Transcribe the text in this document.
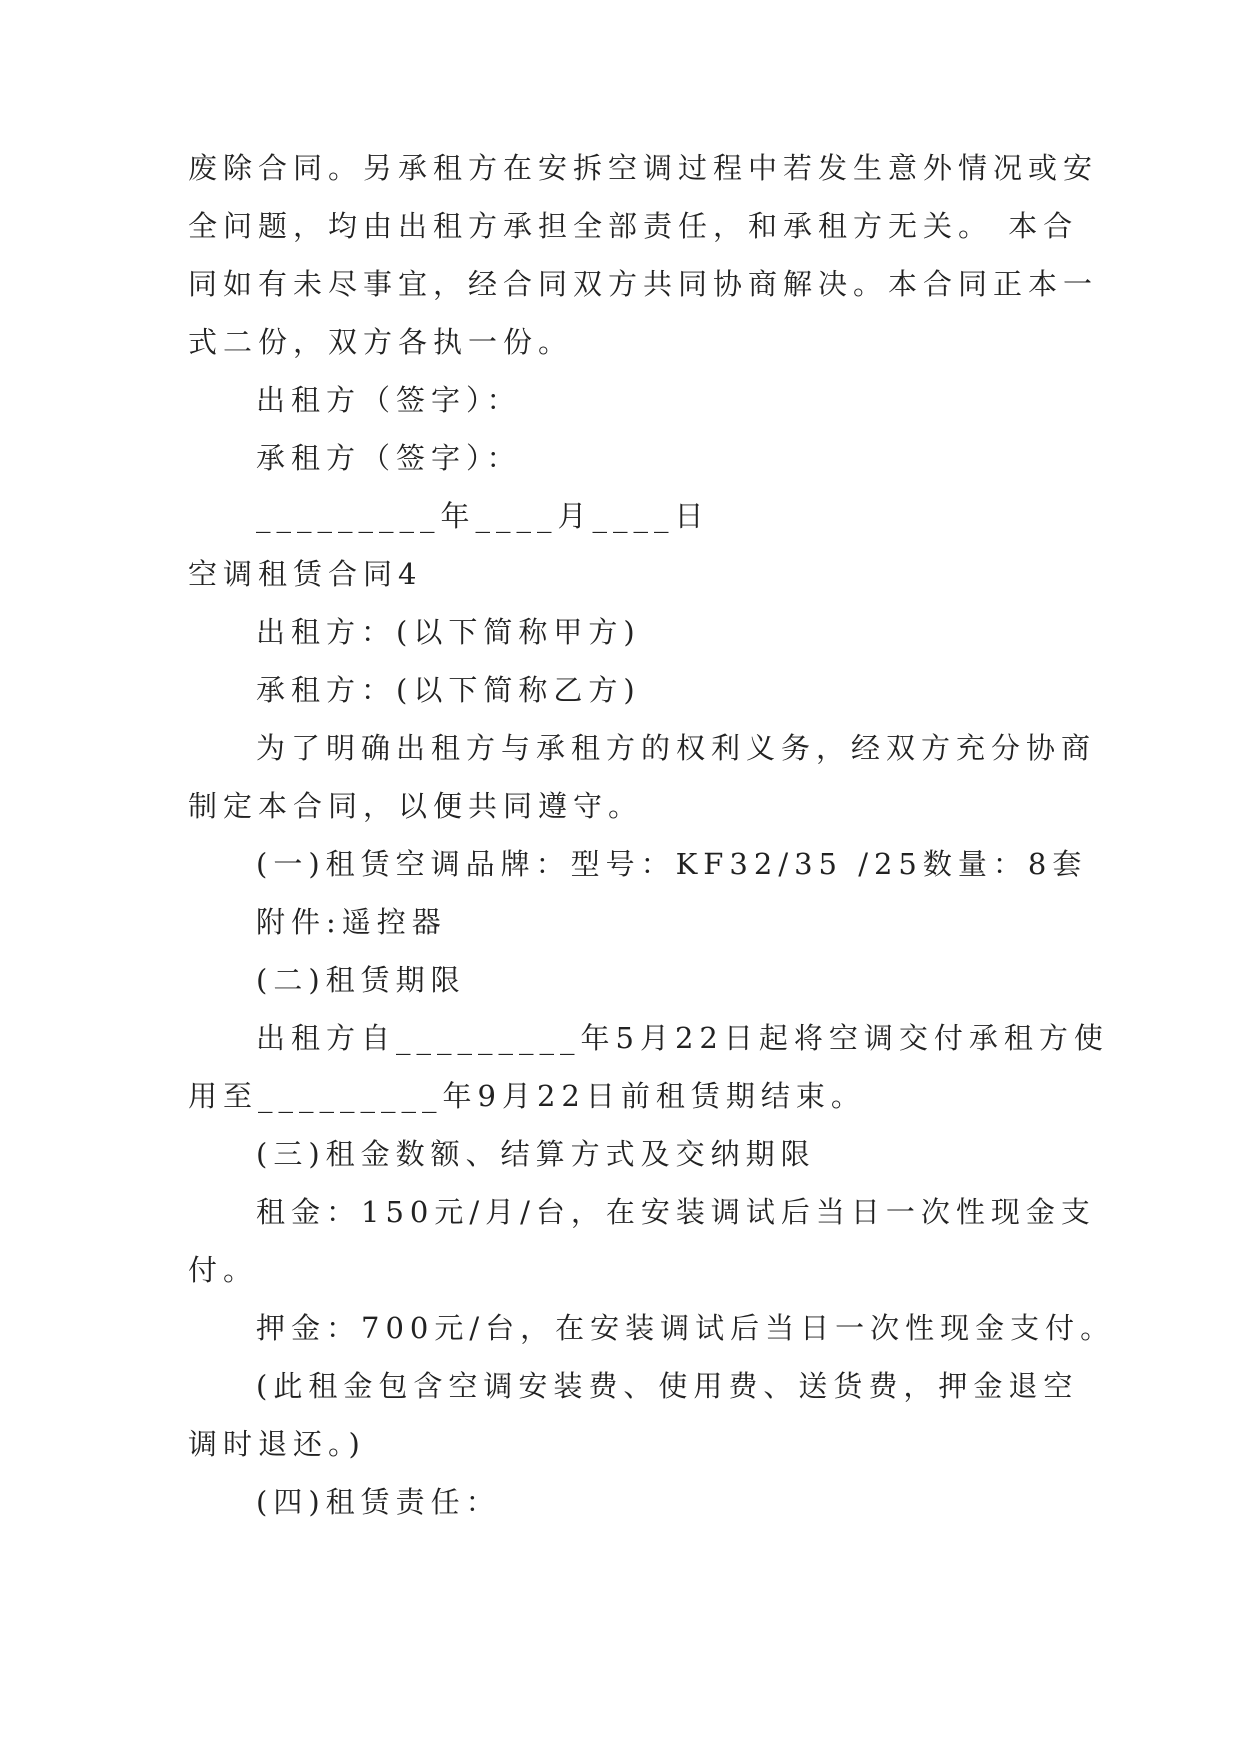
废除合同。另承租方在安拆空调过程中若发生意外情况或安
全问题，均由出租方承担全部责任，和承租方无关。 本合
同如有未尽事宜，经合同双方共同协商解决。本合同正本一
式二份，双方各执一份。
出租方（签字）：
承租方（签字）：
_________年____月____日
空调租赁合同4
出租方：(以下简称甲方)
承租方：(以下简称乙方)
为了明确出租方与承租方的权利义务，经双方充分协商
制定本合同，以便共同遵守。
(一)租赁空调品牌：型号：KF32/35 /25数量：8套
附件:遥控器
(二)租赁期限
出租方自_________年5月22日起将空调交付承租方使
用至_________年9月22日前租赁期结束。
(三)租金数额、结算方式及交纳期限
租金：150元/月/台，在安装调试后当日一次性现金支
付。
押金：700元/台，在安装调试后当日一次性现金支付。
(此租金包含空调安装费、使用费、送货费，押金退空
调时退还。)
(四)租赁责任：
